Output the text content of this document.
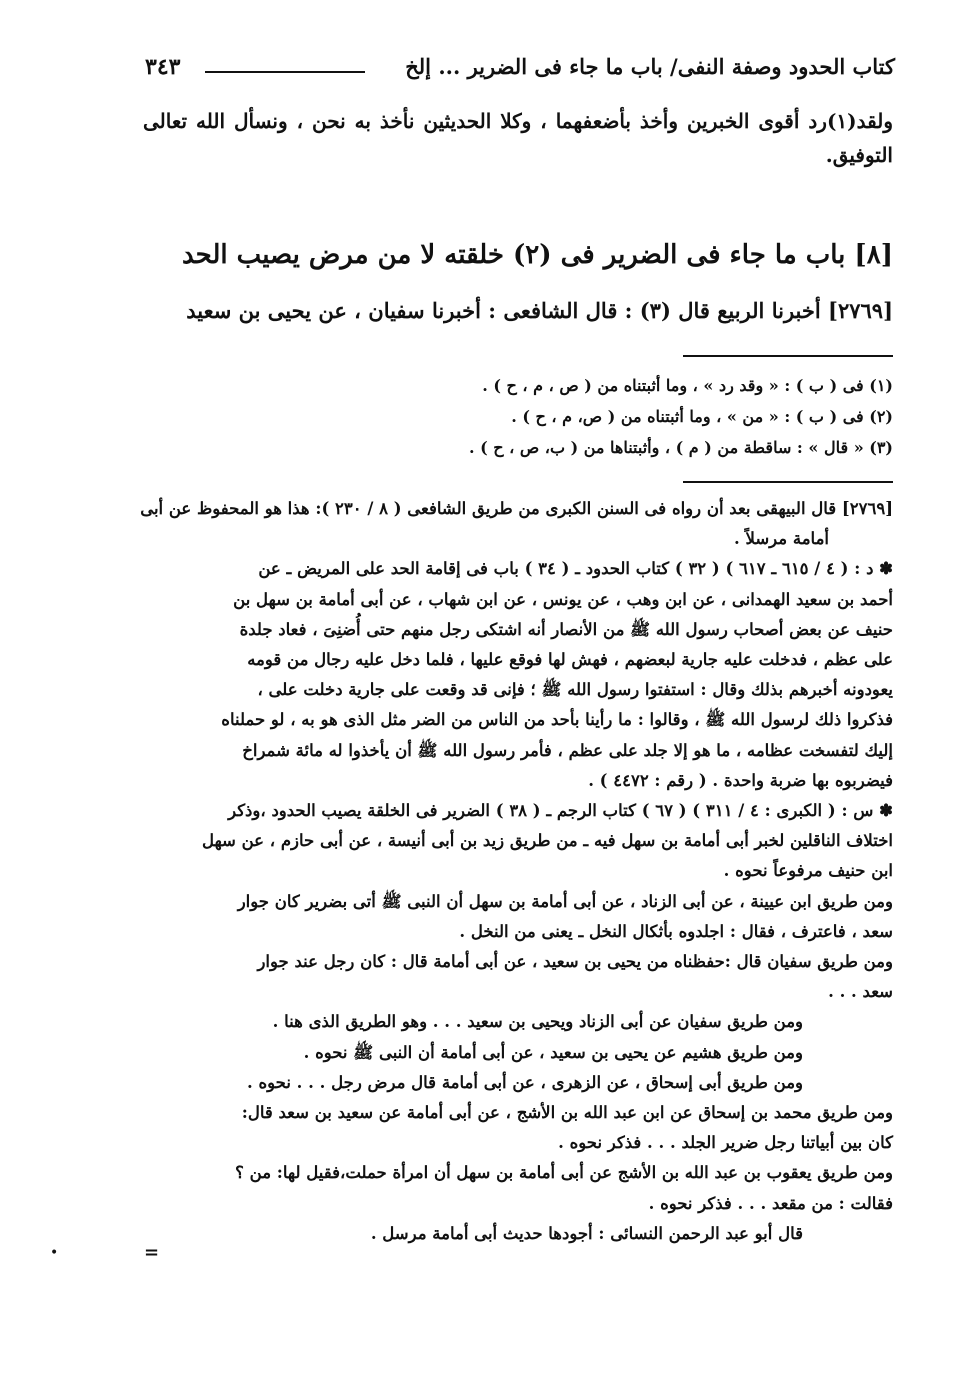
كتاب الحدود وصفة النفى/ باب ما جاء فى الضرير ... إلخ
٣٤٣
ولقد(١)رد أقوى الخبرين وأخذ بأضعفهما ، وكلا الحديثين نأخذ به نحن ، ونسأل الله تعالى التوفيق.
[٨] باب ما جاء فى الضرير فى (٢) خلقته لا من مرض يصيب الحد
[٢٧٦٩] أخبرنا الربيع قال (٣) : قال الشافعى : أخبرنا سفيان ، عن يحيى بن سعيد
(١) فى ( ب ) : « وقد رد » ، وما أثبتناه من ( ص ، م ، ح ) .
(٢) فى ( ب ) : « من » ، وما أثبتناه من ( ص، م ، ح ) .
(٣) « قال » : ساقطة من ( م ) ، وأثبتناها من ( ب، ص ، ح ) .

[٢٧٦٩] قال البيهقى بعد أن رواه فى السنن الكبرى من طريق الشافعى ( ٨ / ٢٣٠ ): هذا هو المحفوظ عن أبى

أمامة مرسلاً .

✽ د : ( ٤ / ٦١٥ ـ ٦١٧ ) ( ٣٢ ) كتاب الحدود ـ ( ٣٤ ) باب فى إقامة الحد على المريض ـ عن

أحمد بن سعيد الهمدانى ، عن ابن وهب ، عن يونس ، عن ابن شهاب ، عن أبى أمامة بن سهل بن

حنيف عن بعض أصحاب رسول الله ﷺ من الأنصار أنه اشتكى رجل منهم حتى أُضنِىَ ، فعاد جلدة

على عظم ، فدخلت عليه جارية لبعضهم ، فهش لها فوقع عليها ، فلما دخل عليه رجال من قومه

يعودونه أخبرهم بذلك وقال : استفتوا رسول الله ﷺ ؛ فإنى قد وقعت على جارية دخلت على ،

فذكروا ذلك لرسول الله ﷺ ، وقالوا : ما رأينا بأحد من الناس من الضر مثل الذى هو به ، لو حملناه

إليك لتفسخت عظامه ، ما هو إلا جلد على عظم ، فأمر رسول الله ﷺ أن يأخذوا له مائة شمراخ

فيضربوه بها ضربة واحدة . ( رقم : ٤٤٧٢ ) .

✽ س : ( الكبرى : ٤ / ٣١١ ) ( ٦٧ ) كتاب الرجم ـ ( ٣٨ ) الضرير فى الخلقة يصيب الحدود ،وذكر

اختلاف الناقلين لخبر أبى أمامة بن سهل فيه ـ من طريق زيد بن أبى أنيسة ، عن أبى حازم ، عن سهل

ابن حنيف مرفوعاً نحوه .

ومن طريق ابن عيينة ، عن أبى الزناد ، عن أبى أمامة بن سهل أن النبى ﷺ أتى بضرير كان جوار

سعد ، فاعترف ، فقال : اجلدوه بأثكال النخل ـ يعنى من النخل .

ومن طريق سفيان قال :حفظناه من يحيى بن سعيد ، عن أبى أمامة قال : كان رجل عند جوار

سعد . . .

ومن طريق سفيان عن أبى الزناد ويحيى بن سعيد . . . وهو الطريق الذى هنا .

ومن طريق هشيم عن يحيى بن سعيد ، عن أبى أمامة أن النبى ﷺ نحوه .

ومن طريق أبى إسحاق ، عن الزهرى ، عن أبى أمامة قال مرض رجل . . . نحوه .

ومن طريق محمد بن إسحاق عن ابن عبد الله بن الأشج ، عن أبى أمامة عن سعيد بن سعد قال:

كان بين أبياتنا رجل ضرير الجلد . . . فذكر نحوه .

ومن طريق يعقوب بن عبد الله بن الأشج عن أبى أمامة بن سهل أن امرأة حملت،فقيل لها: من ؟

فقالت : من مقعد . . . فذكر نحوه .

قال أبو عبد الرحمن النسائى : أجودها حديث أبى أمامة مرسل .

•	=
